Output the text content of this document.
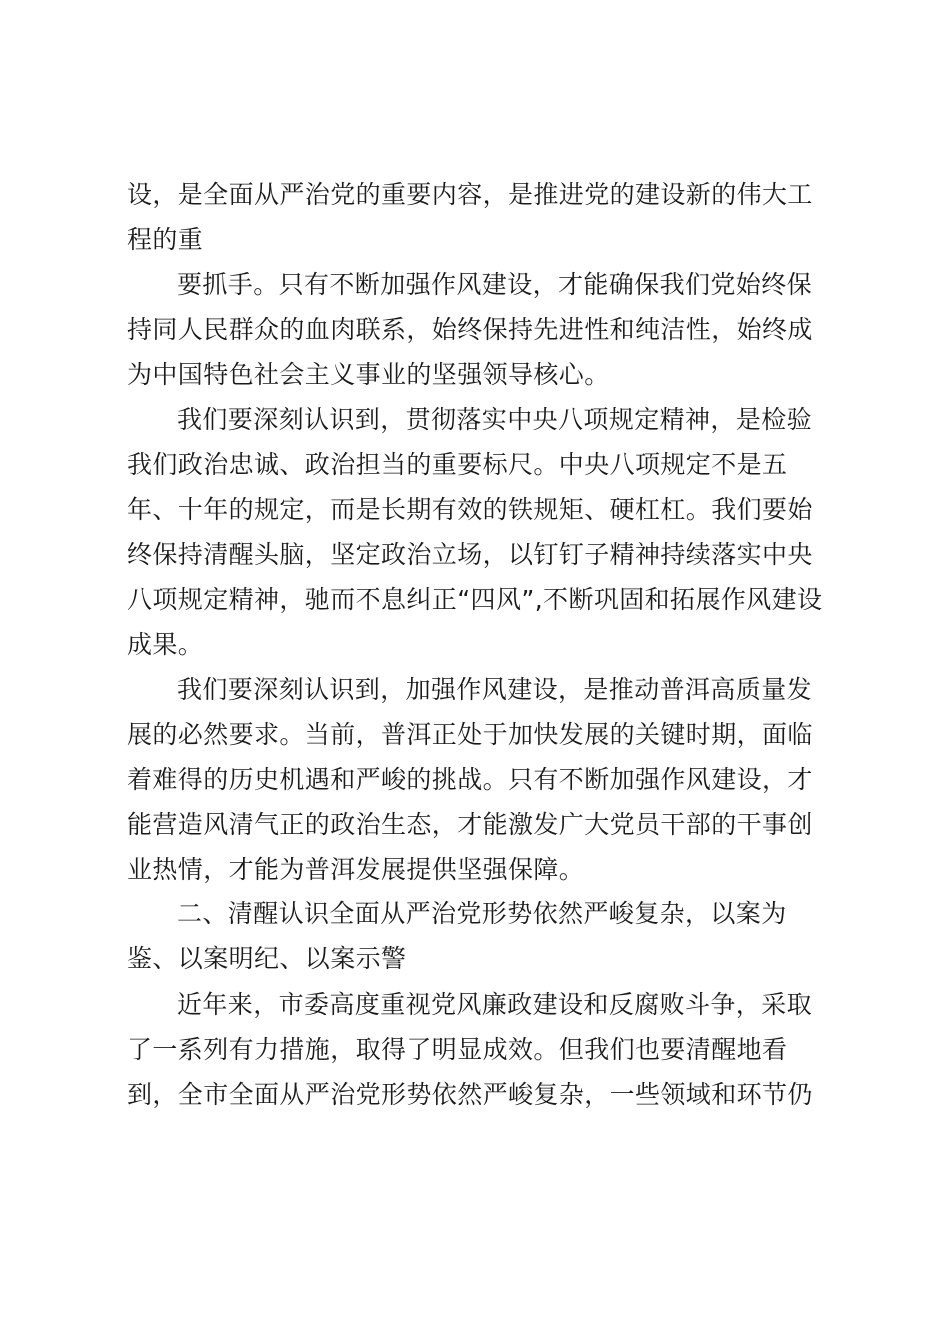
设，是全面从严治党的重要内容，是推进党的建设新的伟大工

程的重

要抓手。只有不断加强作风建设，才能确保我们党始终保

持同人民群众的血肉联系，始终保持先进性和纯洁性，始终成

为中国特色社会主义事业的坚强领导核心。

我们要深刻认识到，贯彻落实中央八项规定精神，是检验

我们政治忠诚、政治担当的重要标尺。中央八项规定不是五

年、十年的规定，而是长期有效的铁规矩、硬杠杠。我们要始

终保持清醒头脑，坚定政治立场，以钉钉子精神持续落实中央

八项规定精神，驰而不息纠正“四风”,不断巩固和拓展作风建设

成果。

我们要深刻认识到，加强作风建设，是推动普洱高质量发

展的必然要求。当前，普洱正处于加快发展的关键时期，面临

着难得的历史机遇和严峻的挑战。只有不断加强作风建设，才

能营造风清气正的政治生态，才能激发广大党员干部的干事创

业热情，才能为普洱发展提供坚强保障。

二、清醒认识全面从严治党形势依然严峻复杂，以案为

鉴、以案明纪、以案示警

近年来，市委高度重视党风廉政建设和反腐败斗争，采取

了一系列有力措施，取得了明显成效。但我们也要清醒地看

到，全市全面从严治党形势依然严峻复杂，一些领域和环节仍
